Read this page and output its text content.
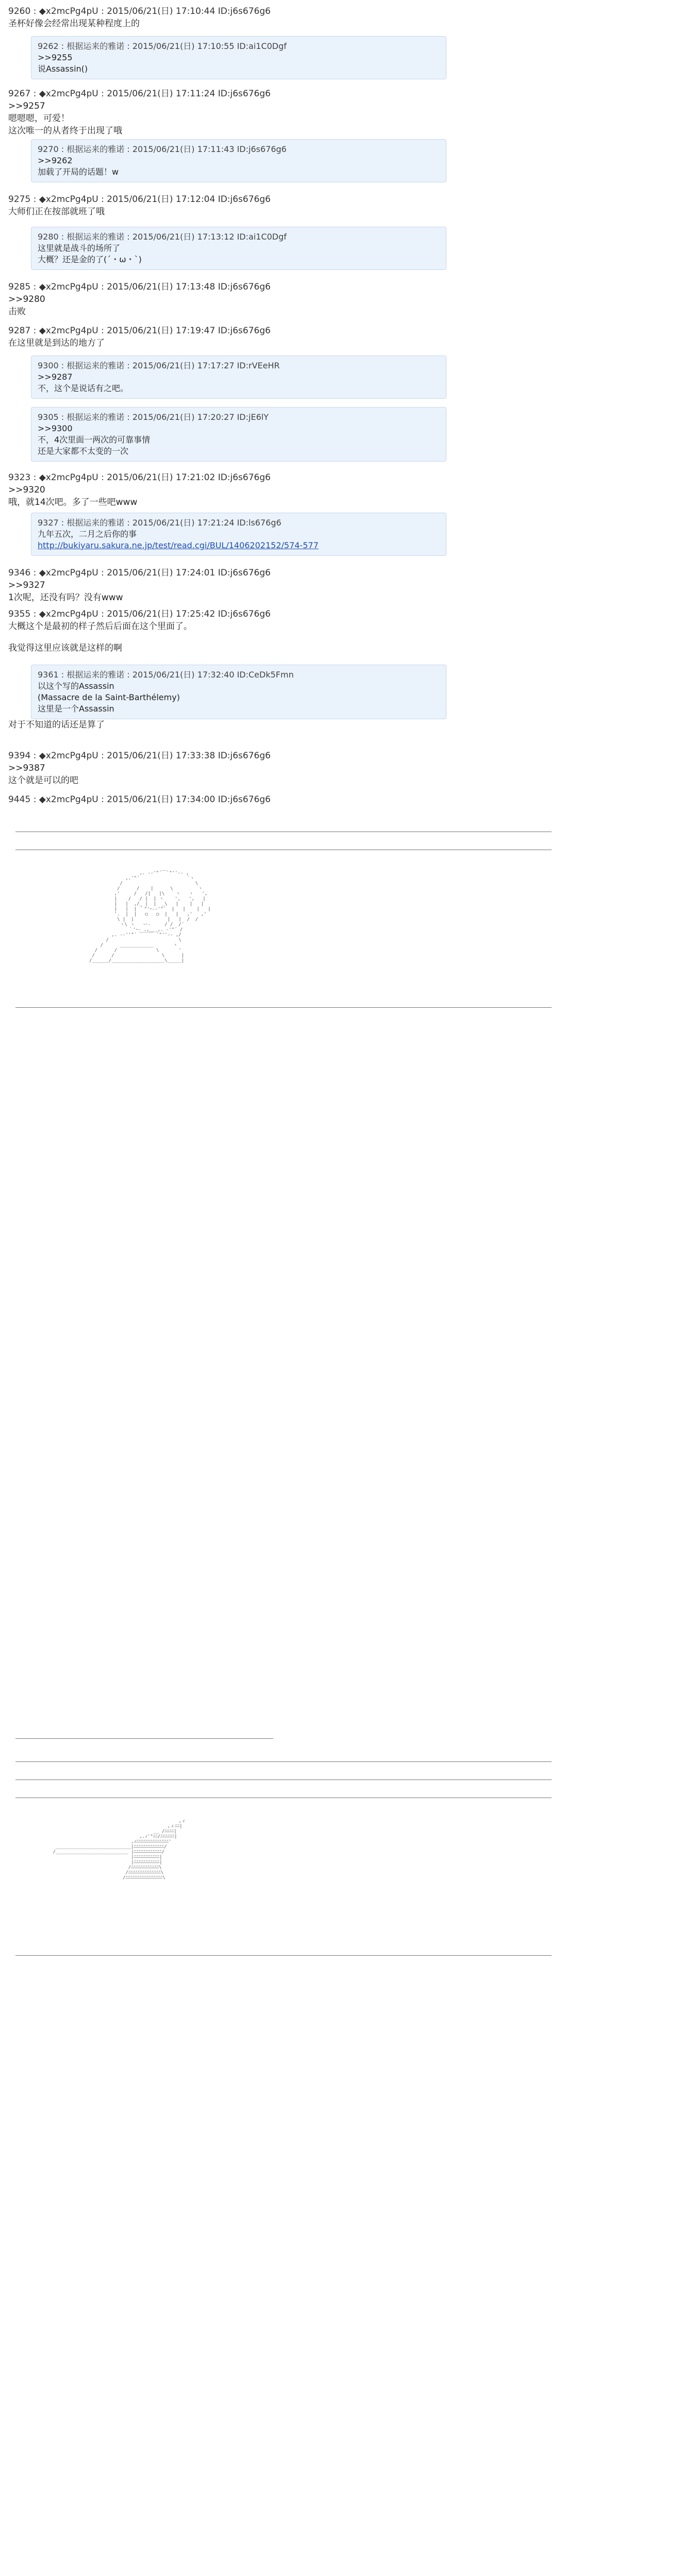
9260 : ◆x2mcPg4pU : 2015/06/21(日) 17:10:44 ID:j6s676g6
圣杯好像会经常出现某种程度上的
9262 : 根据运来的雅诺 : 2015/06/21(日) 17:10:55 ID:ai1C0Dgf
>>9255
说Assassin()
9267 : ◆x2mcPg4pU : 2015/06/21(日) 17:11:24 ID:j6s676g6
>>9257
嗯嗯嗯，可爱！
这次唯一的从者终于出现了哦
9270 : 根据运来的雅诺 : 2015/06/21(日) 17:11:43 ID:j6s676g6
>>9262
加载了开局的话题！w
9275 : ◆x2mcPg4pU : 2015/06/21(日) 17:12:04 ID:j6s676g6
大师们正在按部就班了哦
9280 : 根据运来的雅诺 : 2015/06/21(日) 17:13:12 ID:ai1C0Dgf
这里就是战斗的场所了
大概？还是金的了(´・ω・`)
9285 : ◆x2mcPg4pU : 2015/06/21(日) 17:13:48 ID:j6s676g6
>>9280
击败
9287 : ◆x2mcPg4pU : 2015/06/21(日) 17:19:47 ID:j6s676g6
在这里就是到达的地方了
9300 : 根据运来的雅诺 : 2015/06/21(日) 17:17:27 ID:rVEeHR
>>9287
不，这个是说话有之吧。
9305 : 根据运来的雅诺 : 2015/06/21(日) 17:20:27 ID:jE6lY
>>9300
不，4次里面一两次的可靠事情
还是大家都不太变的一次
9323 : ◆x2mcPg4pU : 2015/06/21(日) 17:21:02 ID:j6s676g6
>>9320
哦，就14次吧。多了一些吧www
9327 : 根据运来的雅诺 : 2015/06/21(日) 17:21:24 ID:ls676g6
九年五次，二月之后你的事
http://bukiyaru.sakura.ne.jp/test/read.cgi/BUL/1406202152/574-577
9346 : ◆x2mcPg4pU : 2015/06/21(日) 17:24:01 ID:j6s676g6
>>9327
1次呢，还没有吗？没有www
9355 : ◆x2mcPg4pU : 2015/06/21(日) 17:25:42 ID:j6s676g6
大概这个是最初的样子然后后面在这个里面了。
我觉得这里应该就是这样的啊
9361 : 根据运来的雅诺 : 2015/06/21(日) 17:32:40 ID:CeDk5Fmn
以这个写的Assassin
(Massacre de la Saint-Barthélemy)
这里是一个Assassin
对于不知道的话还是算了
9394 : ◆x2mcPg4pU : 2015/06/21(日) 17:33:38 ID:j6s676g6
>>9387
这个就是可以的吧
9445 : ◆x2mcPg4pU : 2015/06/21(日) 17:34:00 ID:j6s676g6

,. -‐'"´￣`"''‐- ,
,.'"´                 `ヽ
/                          \
/      /    |      \         ヽ
,'     /   /|   |\    ヽ   ヽ   ',
|    /   / |  | ヽ    ',   ',   |
|   |  ,/_ |  |  _\   |    |   |
|   |  | ｀"'ｰ-‐'"´  |   |    |   |
'.  |  |   ◯   ◯  |   |   ,'   ,'
\ |  |            |   |  /  /
ヽ\ ヽ   ー‐     / /  /´
｀'ｰ- .,___,. -'"´ /
,. -‐''"´ ￣￣￣ `"''‐- ,/
/                         \
/      ____________       ヽ
/      /              \       '
/      /                 \      |
/______/___________________\_____|

,ィ
,ィﾆﾆ|
__ /ﾆﾆﾆﾆ|
,.ｨ'"ﾆﾆ/ﾆﾆﾆﾆﾆﾆ|
,ｨﾆﾆﾆﾆﾆﾆﾆﾆﾆﾆﾆﾆﾆﾆ'
___________________________|ﾆﾆﾆﾆﾆﾆﾆﾆﾆﾆﾆﾆﾆ/
/__________________________ |ﾆﾆﾆﾆﾆﾆﾆﾆﾆﾆﾆﾆ/
|ﾆﾆﾆﾆﾆﾆﾆﾆﾆﾆﾆ|
|ﾆﾆﾆﾆﾆﾆﾆﾆﾆﾆﾆ|
/ﾆﾆﾆﾆﾆﾆﾆﾆﾆﾆﾆﾆ\
/ﾆﾆﾆﾆﾆﾆﾆﾆﾆﾆﾆﾆﾆﾆ\
/ﾆﾆﾆﾆﾆﾆﾆﾆﾆﾆﾆﾆﾆﾆﾆﾆ\
